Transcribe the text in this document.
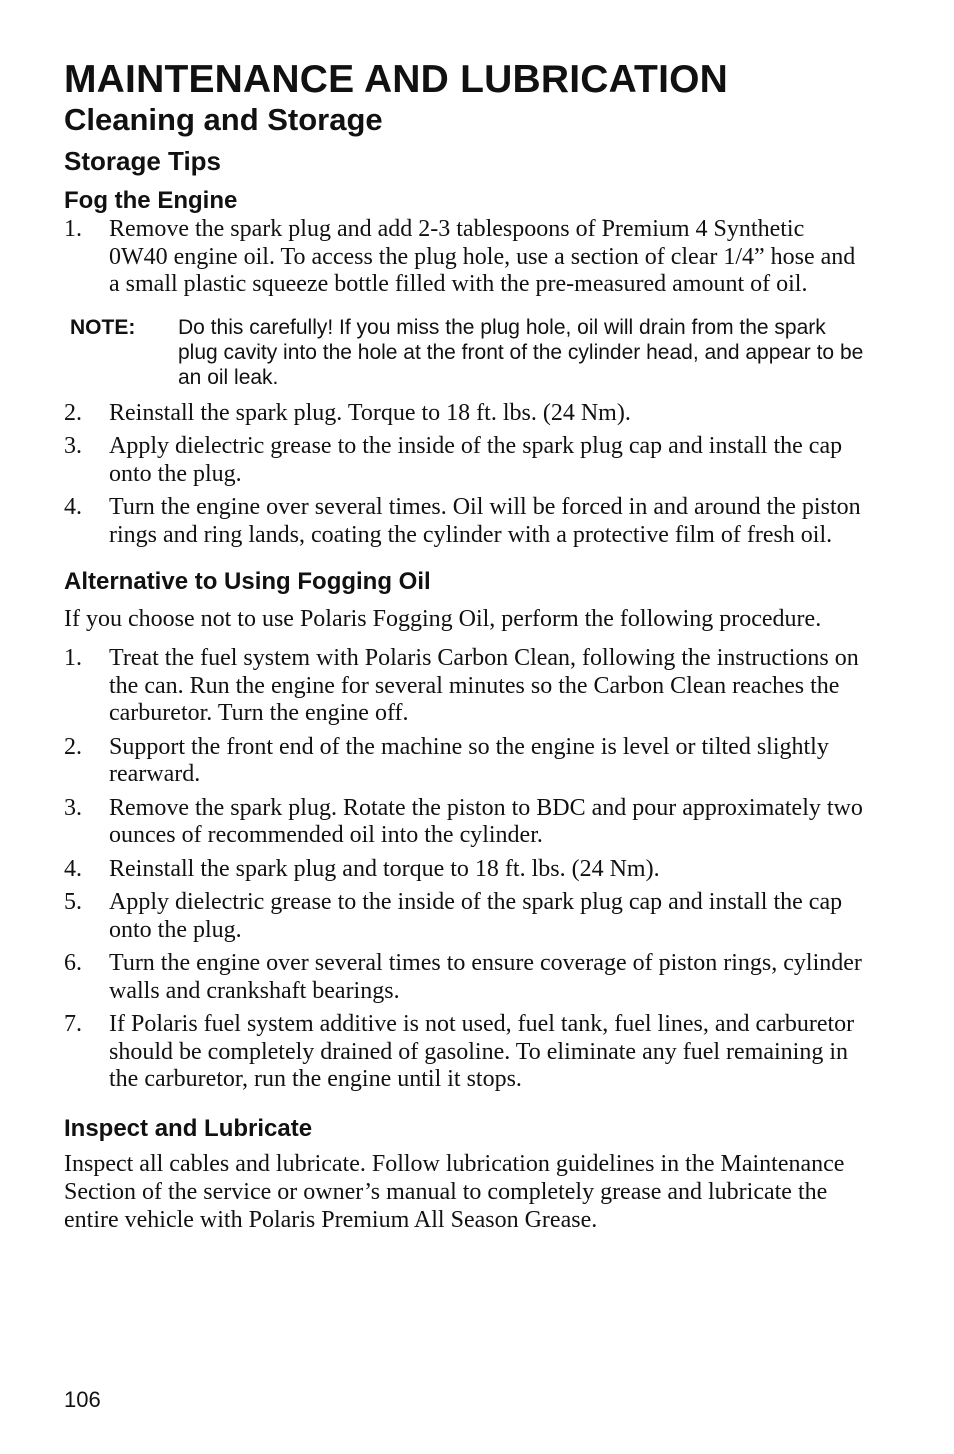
MAINTENANCE AND LUBRICATION
Cleaning and Storage
Storage Tips
Fog the Engine
1.	Remove the spark plug and add 2-3 tablespoons of Premium 4 Synthetic 0W40 engine oil. To access the plug hole, use a section of clear 1/4” hose and a small plastic squeeze bottle filled with the pre-measured amount of oil.
NOTE:	Do this carefully! If you miss the plug hole, oil will drain from the spark plug cavity into the hole at the front of the cylinder head, and appear to be an oil leak.
2.	Reinstall the spark plug. Torque to 18 ft. lbs. (24 Nm).
3.	Apply dielectric grease to the inside of the spark plug cap and install the cap onto the plug.
4.	Turn the engine over several times. Oil will be forced in and around the piston rings and ring lands, coating the cylinder with a protective film of fresh oil.
Alternative to Using Fogging Oil

If you choose not to use Polaris Fogging Oil, perform the following procedure.

1.	Treat the fuel system with Polaris Carbon Clean, following the instructions on the can. Run the engine for several minutes so the Carbon Clean reaches the carburetor. Turn the engine off.
2.	Support the front end of the machine so the engine is level or tilted slightly rearward.
3.	Remove the spark plug. Rotate the piston to BDC and pour approximately two ounces of recommended oil into the cylinder.
4.	Reinstall the spark plug and torque to 18 ft. lbs. (24 Nm).
5.	Apply dielectric grease to the inside of the spark plug cap and install the cap onto the plug.
6.	Turn the engine over several times to ensure coverage of piston rings, cylinder walls and crankshaft bearings.
7.	If Polaris fuel system additive is not used, fuel tank, fuel lines, and carburetor should be completely drained of gasoline. To eliminate any fuel remaining in the carburetor, run the engine until it stops.
Inspect and Lubricate

Inspect all cables and lubricate. Follow lubrication guidelines in the Maintenance Section of the service or owner’s manual to completely grease and lubricate the entire vehicle with Polaris Premium All Season Grease.

106
